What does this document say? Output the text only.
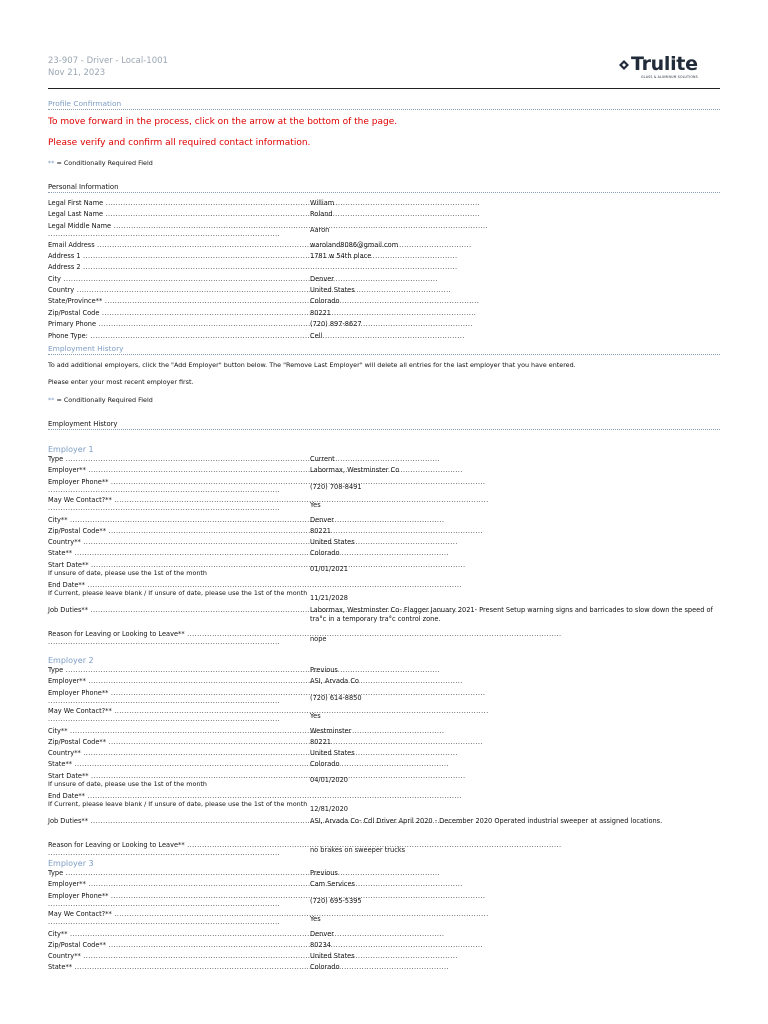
23-907 - Driver - Local-1001
Nov 21, 2023	Trulite
GLASS & ALUMINUM SOLUTIONS
Profile Confirmation
To move forward in the process, click on the arrow at the bottom of the page.
Please verify and confirm all required contact information.
** = Conditionally Required Field
Personal Information
Legal First Name .....	William
Legal Last Name .....	Roland
Legal Middle Name .....
.............................................................................................	Aaron
Email Address .....	waroland8086@gmail.com
Address 1 .....	1781 w 54th place
Address 2 .....
City .....	Denver
Country .....	United States
State/Province** .....	Colorado
Zip/Postal Code .....	80221
Primary Phone .....	(720) 897-8627
Phone Type: .....	Cell
Employment History
To add additional employers, click the "Add Employer" button below. The "Remove Last Employer" will delete all entries for the last employer that you have entered.
Please enter your most recent employer first.
** = Conditionally Required Field
Employment History
Employer 1
Type .....	Current
Employer** .....	Labormax, Westminster Co
Employer Phone** .....
.............................................................................................	(720) 708-8491
May We Contact?** .....
.............................................................................................	Yes
City** .....	Denver
Zip/Postal Code** .....	80221
Country** .....	United States
State** .....	Colorado
Start Date** .....
If unsure of date, please use the 1st of the month	01/01/2021
End Date** .....
If Current, please leave blank / If unsure of date, please use the 1st of the month
11/21/2028
Job Duties** .....	Labormax, Westminster Co- Flagger January 2021- Present Setup warning signs and barricades to slow down the speed of tra°c in a temporary tra°c control zone.
Reason for Leaving or Looking to Leave** .....
.............................................................................................	nope
Employer 2
Type .....	Previous
Employer** .....	ASI, Arvada Co
Employer Phone** .....
.............................................................................................	(720) 614-8850
May We Contact?** .....
.............................................................................................	Yes
City** .....	Westminster
Zip/Postal Code** .....	80221
Country** .....	United States
State** .....	Colorado
Start Date** .....
If unsure of date, please use the 1st of the month	04/01/2020
End Date** .....
If Current, please leave blank / If unsure of date, please use the 1st of the month
12/81/2020
Job Duties** .....	ASI, Arvada Co- Cdl Driver April 2020 - December 2020 Operated industrial sweeper at assigned locations.
Reason for Leaving or Looking to Leave** .....
.............................................................................................	no brakes on sweeper trucks
Employer 3
Type .....	Previous
Employer** .....	Cam Services
Employer Phone** .....
.............................................................................................	(720) 695-5395
May We Contact?** .....
.............................................................................................	Yes
City** .....	Denver
Zip/Postal Code** .....	80234
Country** .....	United States
State** .....	Colorado
